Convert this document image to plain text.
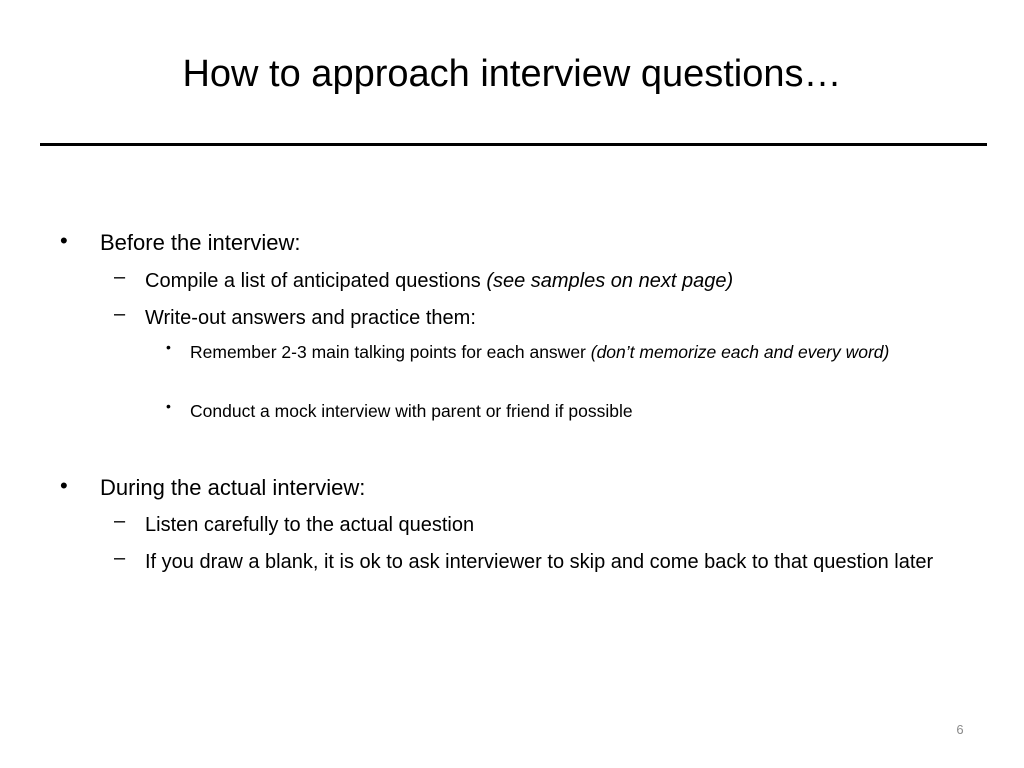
How to approach interview questions…
• Before the interview:
– Compile a list of anticipated questions (see samples on next page)
– Write-out answers and practice them:
• Remember 2-3 main talking points for each answer (don’t memorize each and every word)
• Conduct a mock interview with parent or friend if possible
• During the actual interview:
– Listen carefully to the actual question
– If you draw a blank, it is ok to ask interviewer to skip and come back to that question later
6
